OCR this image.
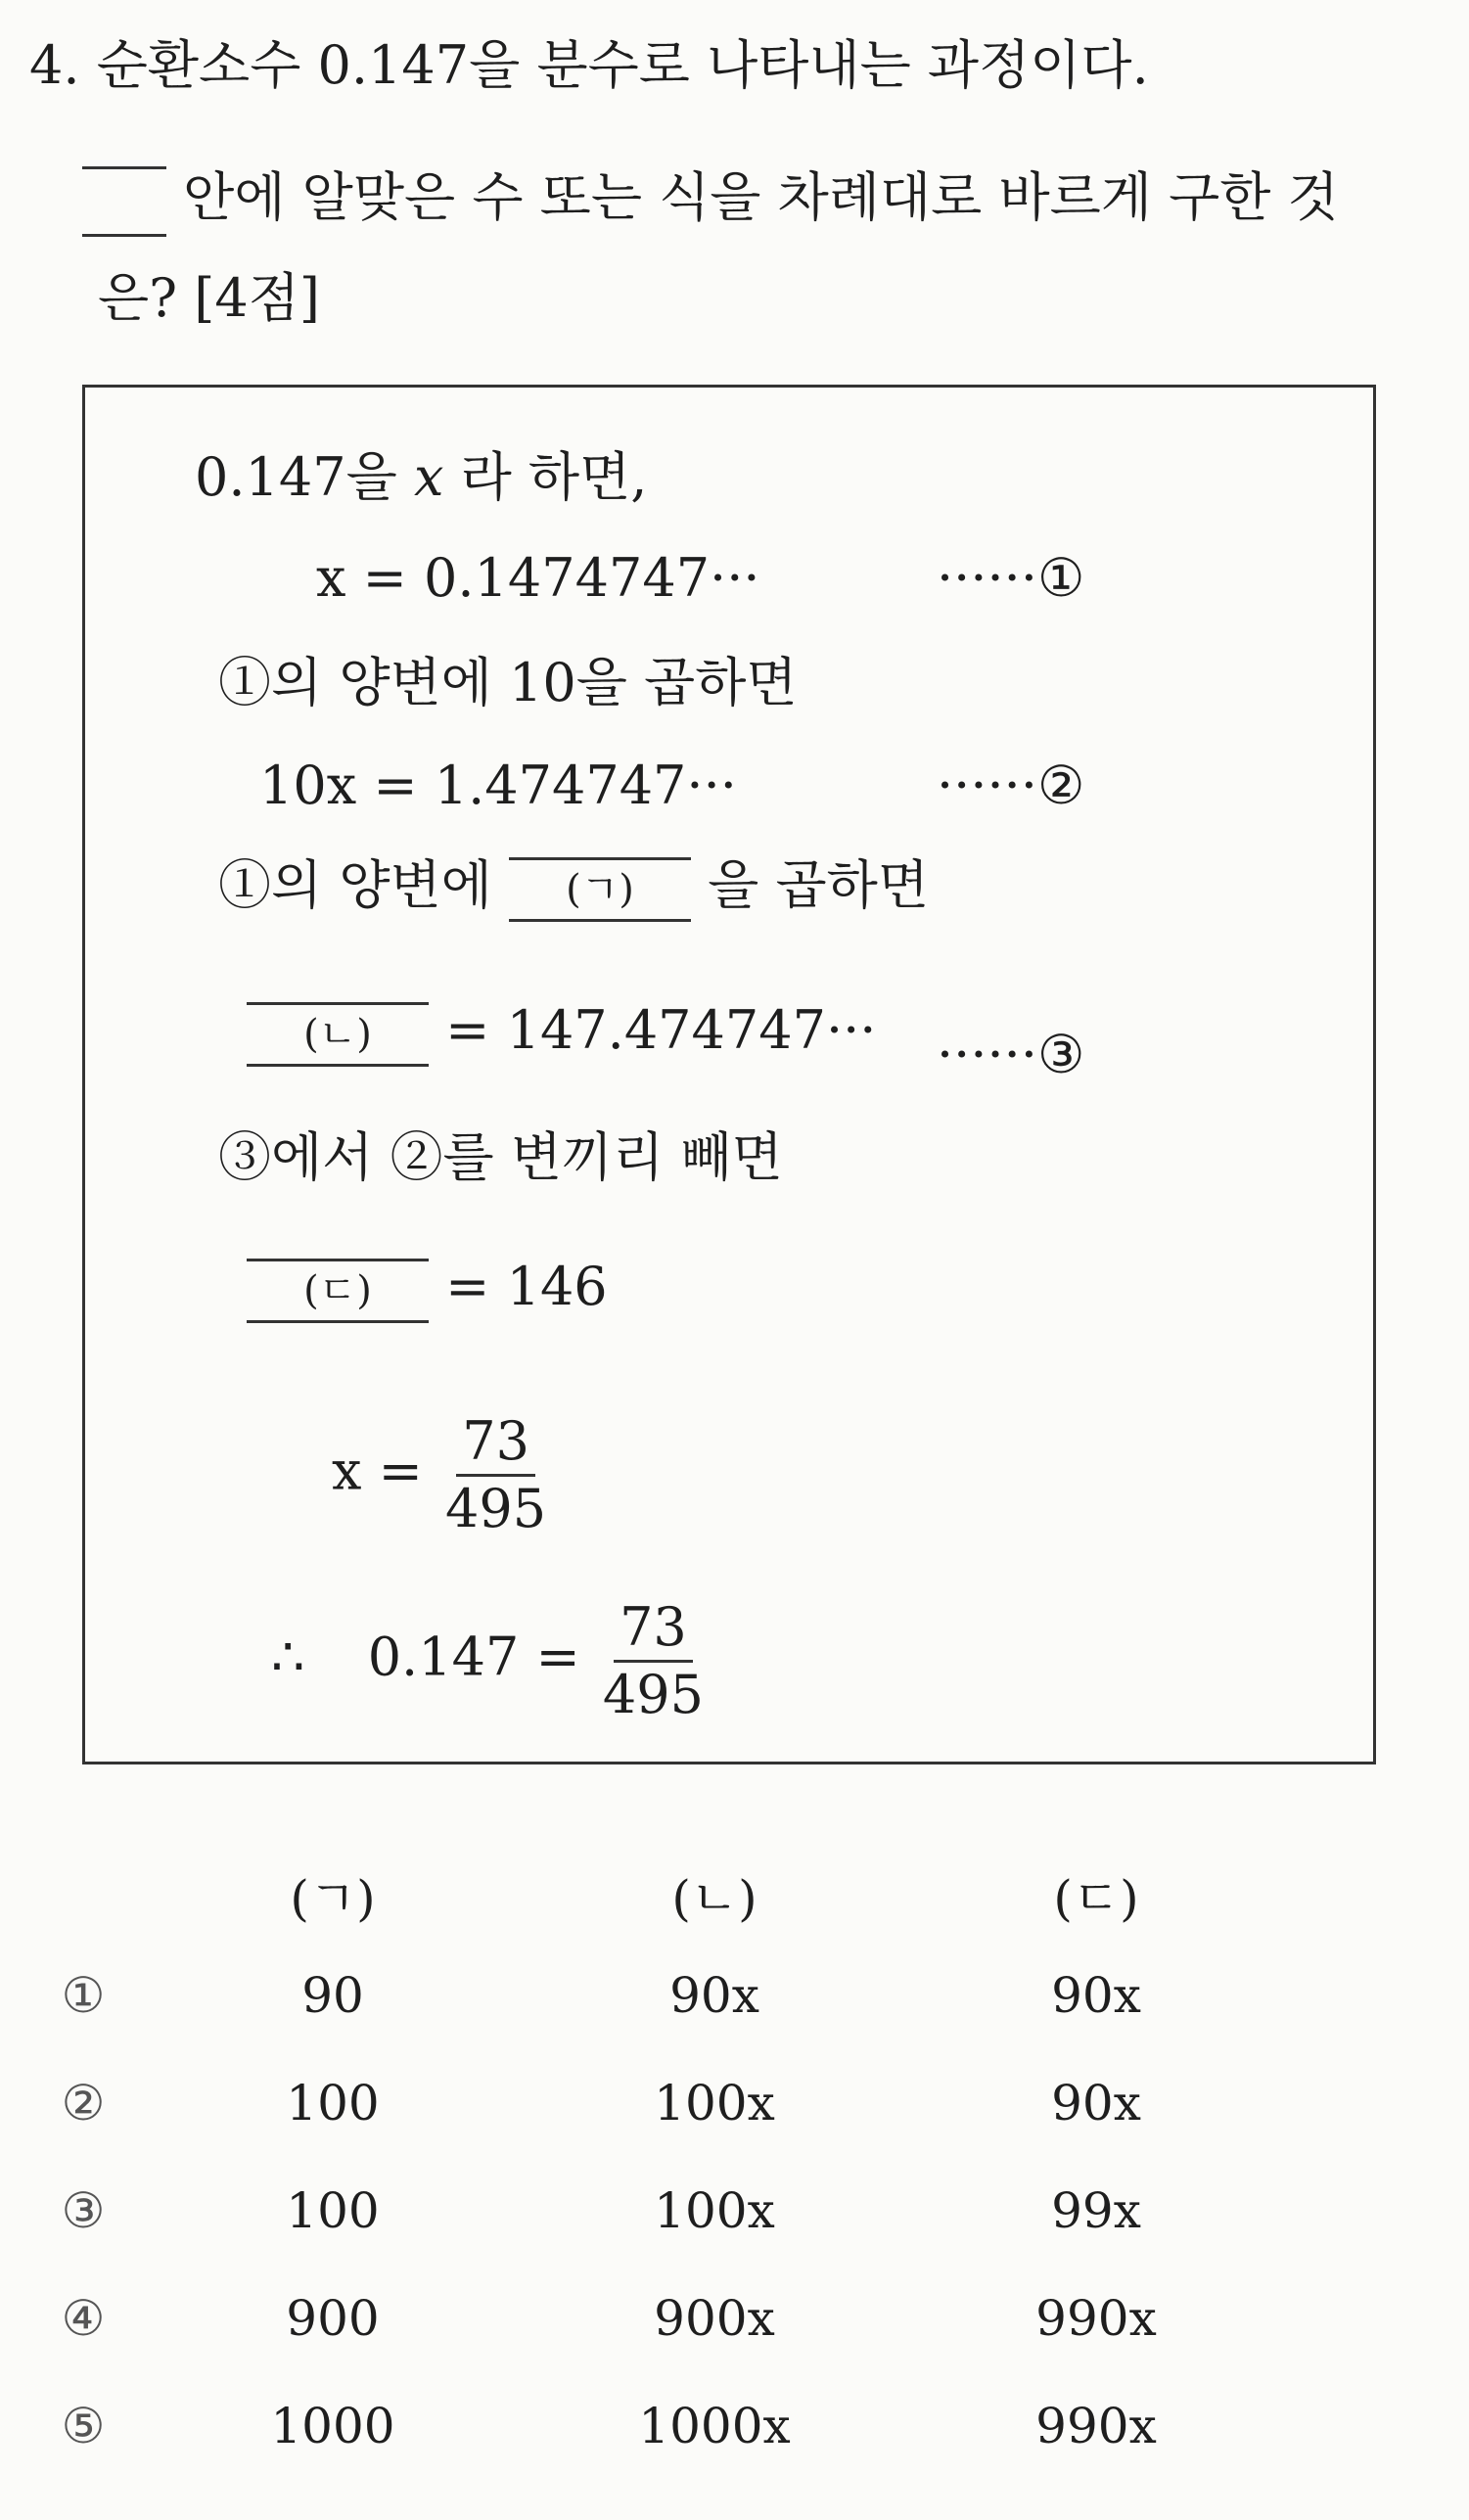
4. 순환소수 0.147을 분수로 나타내는 과정이다.
안에 알맞은 수 또는 식을 차례대로 바르게 구한 것
은? [4점]
0.147을 x 라 하면,
x = 0.1474747···	······①
①의 양변에 10을 곱하면
10x = 1.474747···	······②
①의 양변에 (ㄱ) 을 곱하면
(ㄴ) = 147.474747··· ······③
③에서 ②를 변끼리 빼면
(ㄷ) = 146
$x = \frac{73}{495}$
∴ $0.147 = \frac{73}{495}$
(ㄱ)	(ㄴ)	(ㄷ)
①	90	90x	90x
②	100	100x	90x
③	100	100x	99x
④	900	900x	990x
⑤	1000	1000x	990x
